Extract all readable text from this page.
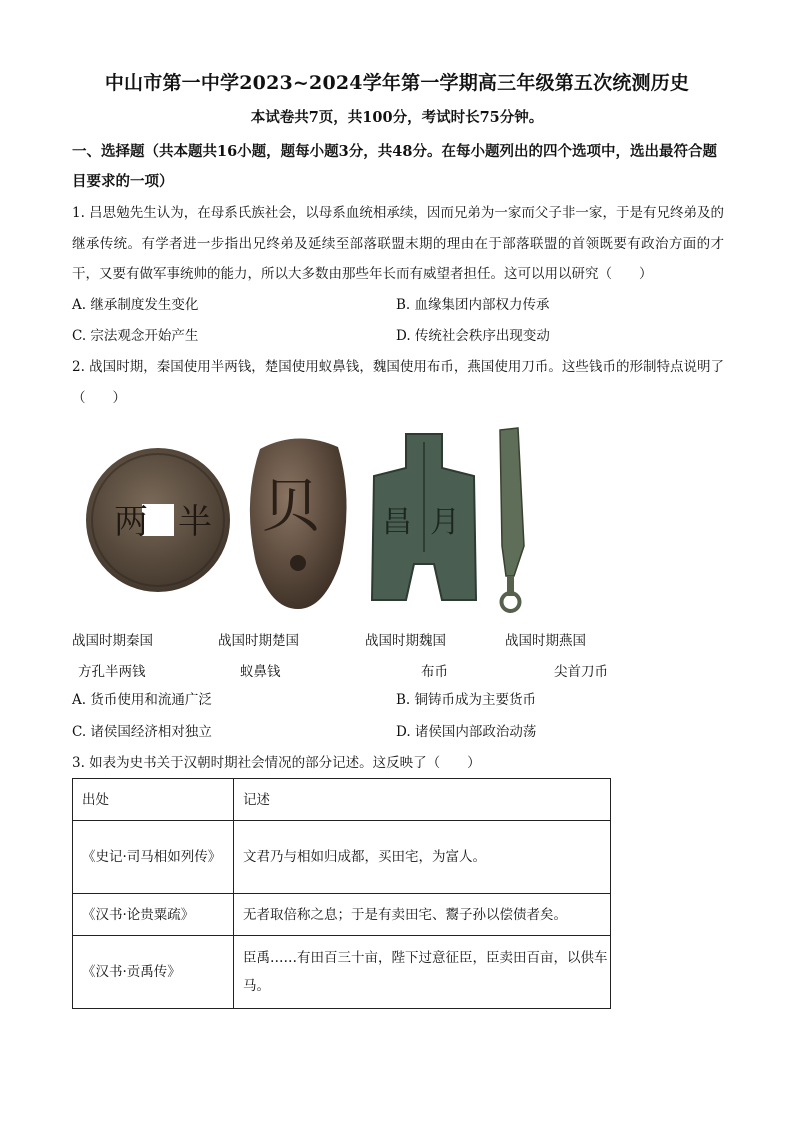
中山市第一中学2023~2024学年第一学期高三年级第五次统测历史
本试卷共7页，共100分，考试时长75分钟。
一、选择题（共本题共16小题，题每小题3分，共48分。在每小题列出的四个选项中，选出最符合题目要求的一项）
1. 吕思勉先生认为，在母系氏族社会，以母系血统相承续，因而兄弟为一家而父子非一家，于是有兄终弟及的继承传统。有学者进一步指出兄终弟及延续至部落联盟末期的理由在于部落联盟的首领既要有政治方面的才干，又要有做军事统帅的能力，所以大多数由那些年长而有威望者担任。这可以用以研究（　　）
A. 继承制度发生变化	B. 血缘集团内部权力传承
C. 宗法观念开始产生	D. 传统社会秩序出现变动
2. 战国时期，秦国使用半两钱，楚国使用蚁鼻钱，魏国使用布币，燕国使用刀币。这些钱币的形制特点说明了（　　）
两 半 贝 昌 月
战国时期秦国	战国时期楚国	战国时期魏国	战国时期燕国
方孔半两钱	蚁鼻钱	布币	尖首刀币
A. 货币使用和流通广泛	B. 铜铸币成为主要货币
C. 诸侯国经济相对独立	D. 诸侯国内部政治动荡
3. 如表为史书关于汉朝时期社会情况的部分记述。这反映了（　　）
出处	记述
《史记·司马相如列传》	文君乃与相如归成都，买田宅，为富人。
《汉书·论贵粟疏》	无者取倍称之息；于是有卖田宅、鬻子孙以偿债者矣。
《汉书·贡禹传》	臣禹……有田百三十亩，陛下过意征臣，臣卖田百亩，以供车马。
